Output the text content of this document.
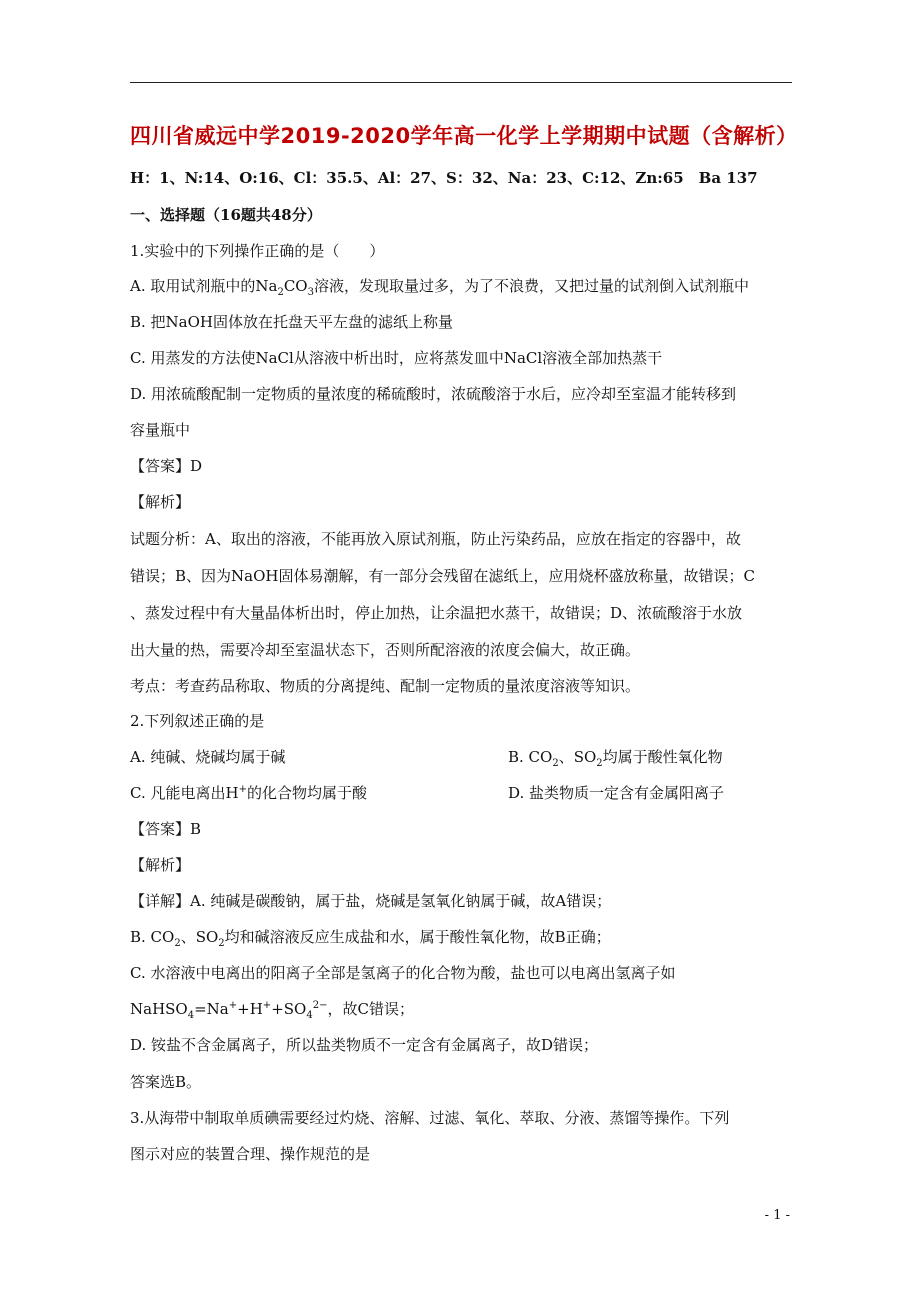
四川省威远中学2019-2020学年高一化学上学期期中试题（含解析）
H：1、N:14、O:16、Cl：35.5、Al：27、S：32、Na：23、C:12、Zn:65　Ba 137
一、选择题（16题共48分）
1.实验中的下列操作正确的是（　　）
A. 取用试剂瓶中的$Na_2CO_3$溶液，发现取量过多，为了不浪费，又把过量的试剂倒入试剂瓶中
B. 把NaOH固体放在托盘天平左盘的滤纸上称量
C. 用蒸发的方法使NaCl从溶液中析出时，应将蒸发皿中NaCl溶液全部加热蒸干
D. 用浓硫酸配制一定物质的量浓度的稀硫酸时，浓硫酸溶于水后，应冷却至室温才能转移到
容量瓶中
【答案】D
【解析】
试题分析：A、取出的溶液，不能再放入原试剂瓶，防止污染药品，应放在指定的容器中，故
错误；B、因为NaOH固体易潮解，有一部分会残留在滤纸上，应用烧杯盛放称量，故错误；C
、蒸发过程中有大量晶体析出时，停止加热，让余温把水蒸干，故错误；D、浓硫酸溶于水放
出大量的热，需要冷却至室温状态下，否则所配溶液的浓度会偏大，故正确。
考点：考查药品称取、物质的分离提纯、配制一定物质的量浓度溶液等知识。
2.下列叙述正确的是
A. 纯碱、烧碱均属于碱	B. $CO_2$、$SO_2$均属于酸性氧化物
C. 凡能电离出H+的化合物均属于酸	D. 盐类物质一定含有金属阳离子
【答案】B
【解析】
【详解】A. 纯碱是碳酸钠，属于盐，烧碱是氢氧化钠属于碱，故A错误；
B. $CO_2$、$SO_2$均和碱溶液反应生成盐和水，属于酸性氧化物，故B正确；
C. 水溶液中电离出的阳离子全部是氢离子的化合物为酸，盐也可以电离出氢离子如
$NaHSO_4=Na^++H^++SO_4^{2-}$，故C错误；
D. 铵盐不含金属离子，所以盐类物质不一定含有金属离子，故D错误；
答案选B。
3.从海带中制取单质碘需要经过灼烧、溶解、过滤、氧化、萃取、分液、蒸馏等操作。下列
图示对应的装置合理、操作规范的是
- 1 -
